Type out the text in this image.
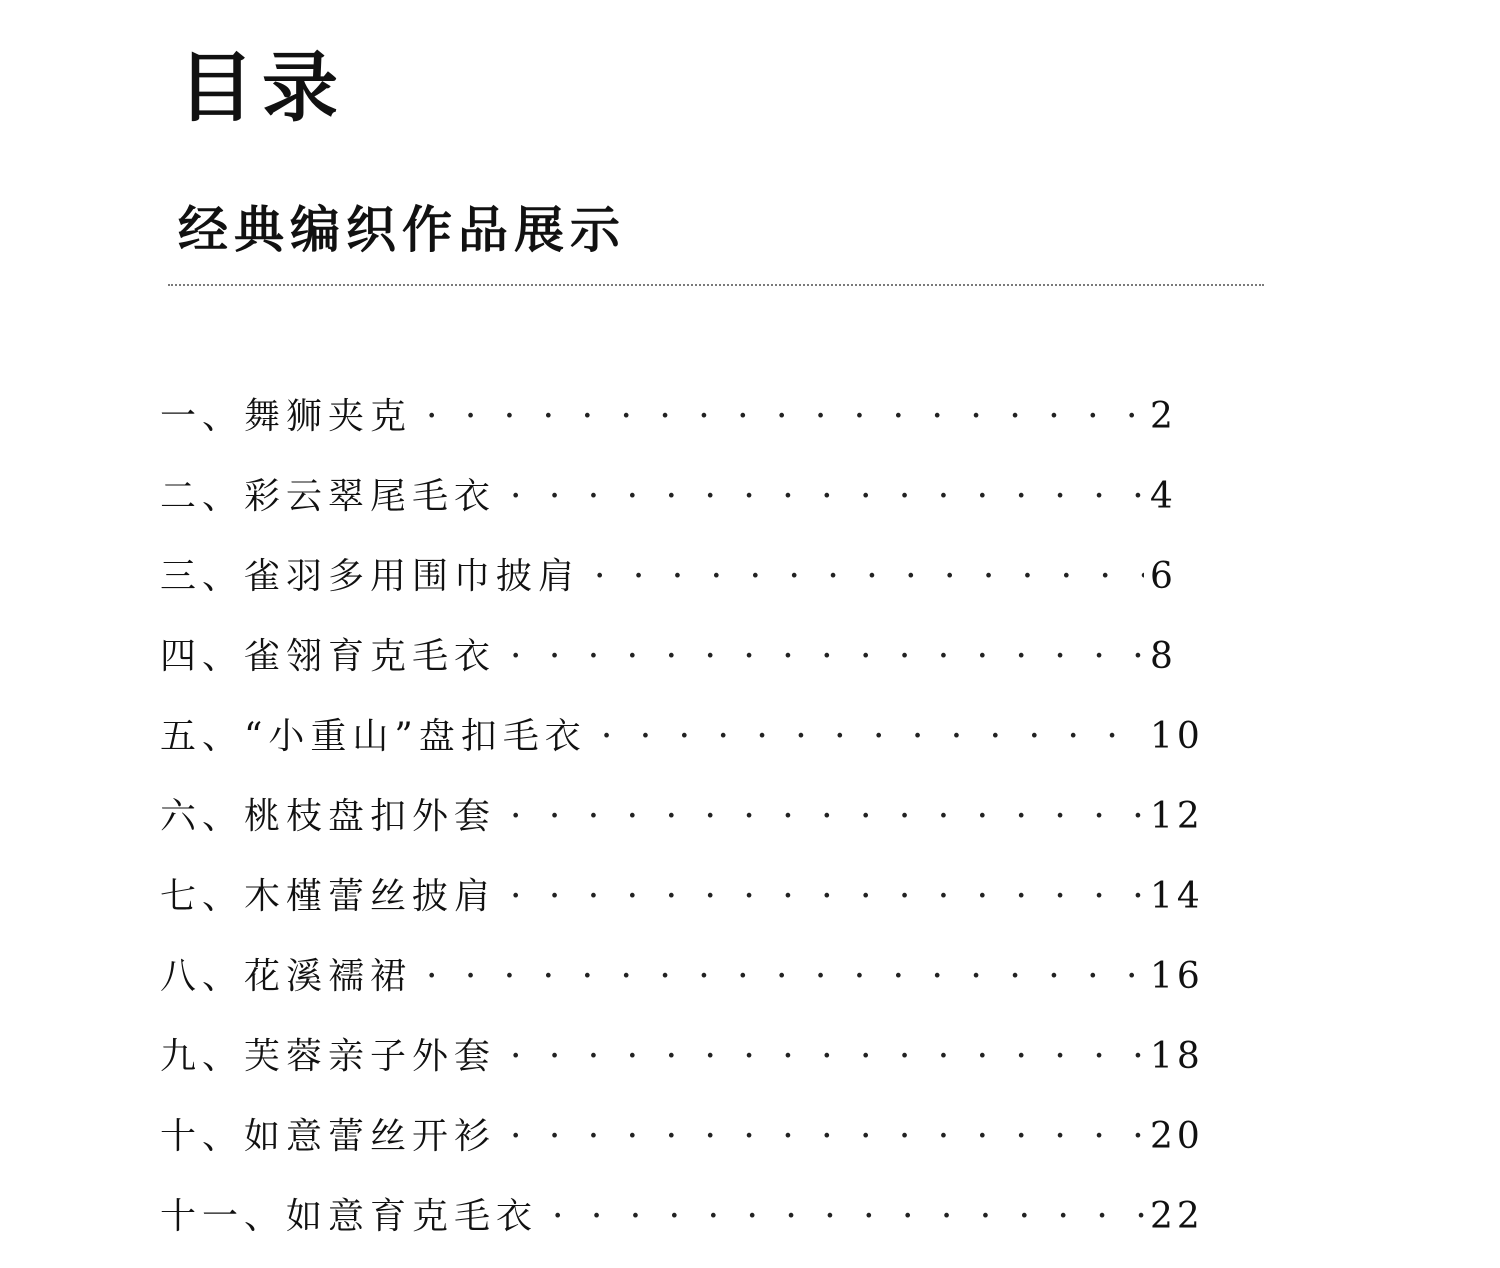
目录
经典编织作品展示
一、舞狮夹克 · · ·	2
二、彩云翠尾毛衣 · · ·	4
三、雀羽多用围巾披肩 · · ·	6
四、雀翎育克毛衣 · · ·	8
五、“小重山”盘扣毛衣 · · ·	10
六、桃枝盘扣外套 · · ·	12
七、木槿蕾丝披肩 · · ·	14
八、花溪襦裙 · · ·	16
九、芙蓉亲子外套 · · ·	18
十、如意蕾丝开衫 · · ·	20
十一、如意育克毛衣 · · ·	22
